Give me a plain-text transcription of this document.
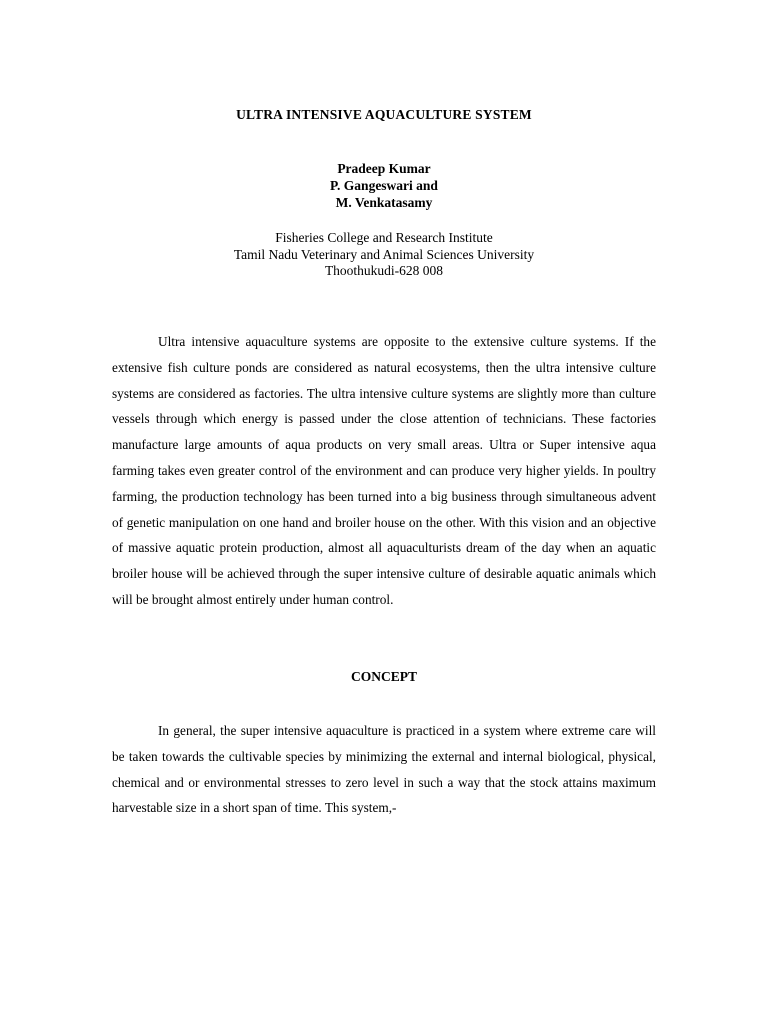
ULTRA INTENSIVE AQUACULTURE SYSTEM
Pradeep Kumar
P. Gangeswari and
M. Venkatasamy
Fisheries College and Research Institute
Tamil Nadu Veterinary and Animal Sciences University
Thoothukudi-628 008

Ultra intensive aquaculture systems are opposite to the extensive culture systems. If the extensive fish culture ponds are considered as natural ecosystems, then the ultra intensive culture systems are considered as factories. The ultra intensive culture systems are slightly more than culture vessels through which energy is passed under the close attention of technicians. These factories manufacture large amounts of aqua products on very small areas. Ultra or Super intensive aqua farming takes even greater control of the environment and can produce very higher yields. In poultry farming, the production technology has been turned into a big business through simultaneous advent of genetic manipulation on one hand and broiler house on the other. With this vision and an objective of massive aquatic protein production, almost all aquaculturists dream of the day when an aquatic broiler house will be achieved through the super intensive culture of desirable aquatic animals which will be brought almost entirely under human control.

CONCEPT

In general, the super intensive aquaculture is practiced in a system where extreme care will be taken towards the cultivable species by minimizing the external and internal biological, physical, chemical and or environmental stresses to zero level in such a way that the stock attains maximum harvestable size in a short span of time. This system,-
